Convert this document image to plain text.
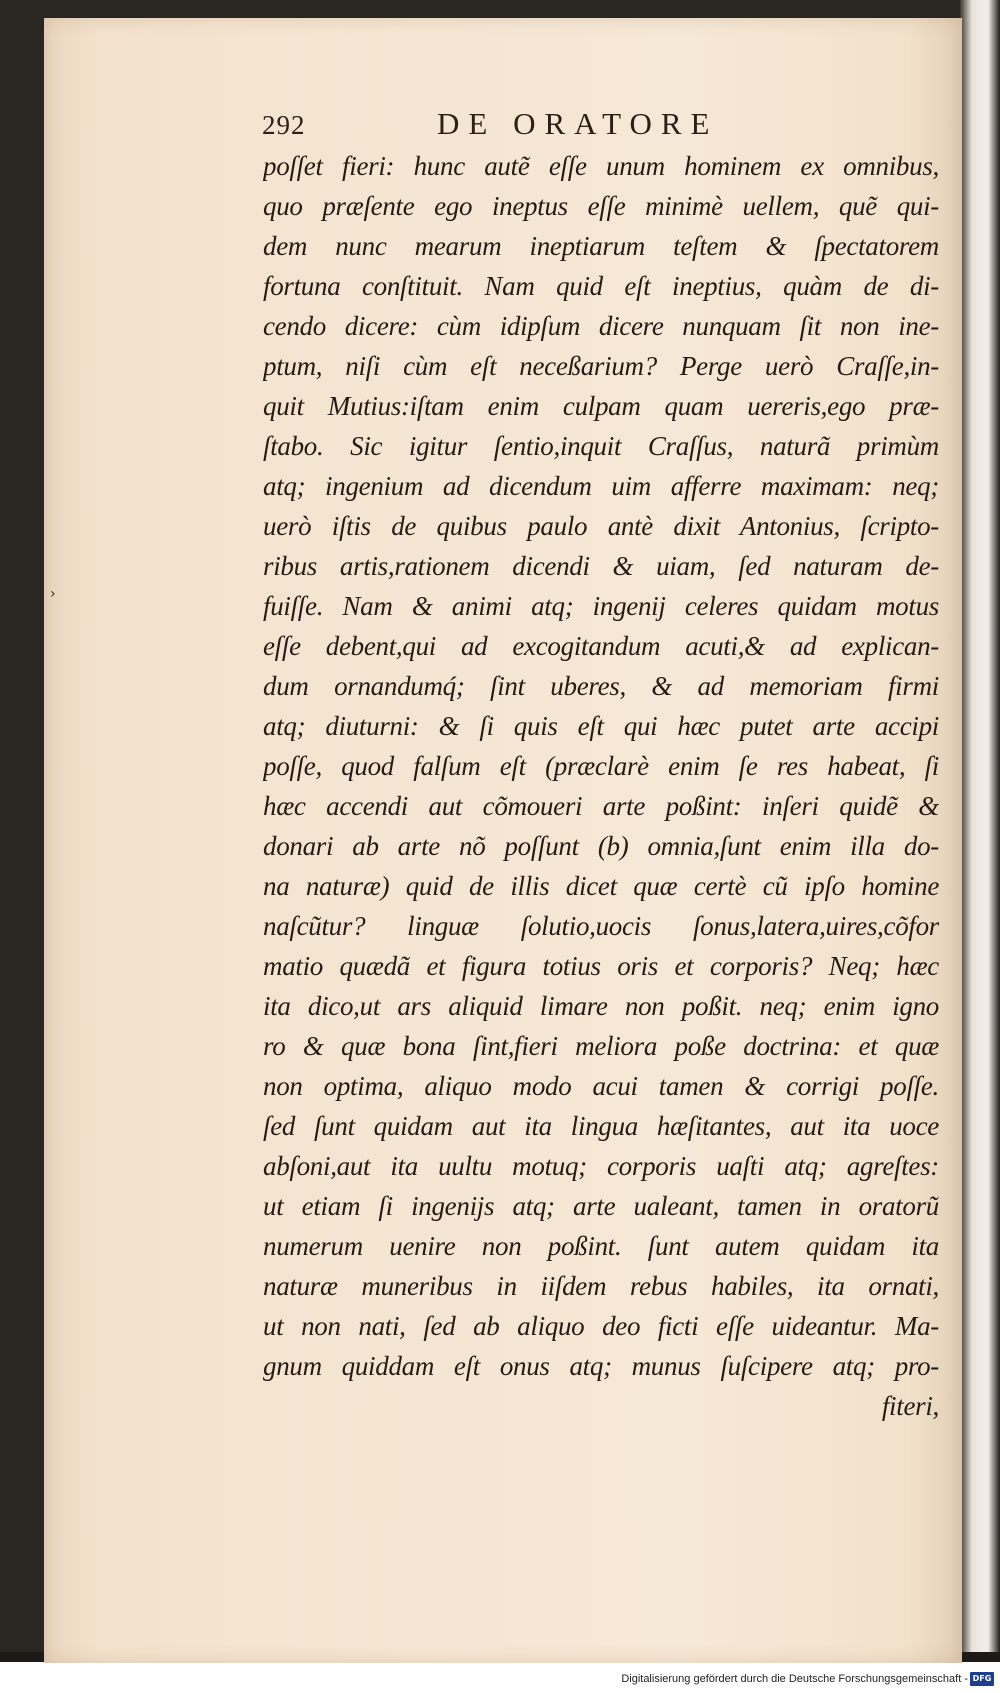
›
292	DE ORATORE
poſſet fieri: hunc autẽ eſſe unum hominem ex omnibus,
quo præſente ego ineptus eſſe minimè uellem, quẽ qui-
dem nunc mearum ineptiarum teſtem & ſpectatorem
fortuna conſtituit. Nam quid eſt ineptius, quàm de di-
cendo dicere: cùm idipſum dicere nunquam ſit non ine-
ptum, niſi cùm eſt neceßarium? Perge uerò Craſſe,in-
quit Mutius:iſtam enim culpam quam uereris,ego præ-
ſtabo. Sic igitur ſentio,inquit Craſſus, naturã primùm
atq; ingenium ad dicendum uim afferre maximam: neq;
uerò iſtis de quibus paulo antè dixit Antonius, ſcripto-
ribus artis,rationem dicendi & uiam, ſed naturam de-
fuiſſe. Nam & animi atq; ingenij celeres quidam motus
eſſe debent,qui ad excogitandum acuti,& ad explican-
dum ornandumq́; ſint uberes, & ad memoriam firmi
atq; diuturni: & ſi quis eſt qui hæc putet arte accipi
poſſe, quod falſum eſt (præclarè enim ſe res habeat, ſi
hæc accendi aut cõmoueri arte poßint: inſeri quidẽ &
donari ab arte nõ poſſunt (b) omnia,ſunt enim illa do-
na naturæ) quid de illis dicet quæ certè cũ ipſo homine
naſcũtur? linguæ ſolutio,uocis ſonus,latera,uires,cõfor
matio quædã et figura totius oris et corporis? Neq; hæc
ita dico,ut ars aliquid limare non poßit. neq; enim igno
ro & quæ bona ſint,fieri meliora poße doctrina: et quæ
non optima, aliquo modo acui tamen & corrigi poſſe.
ſed ſunt quidam aut ita lingua hæſitantes, aut ita uoce
abſoni,aut ita uultu motuq; corporis uaſti atq; agreſtes:
ut etiam ſi ingenijs atq; arte ualeant, tamen in oratorũ
numerum uenire non poßint. ſunt autem quidam ita
naturæ muneribus in iiſdem rebus habiles, ita ornati,
ut non nati, ſed ab aliquo deo ficti eſſe uideantur. Ma-
gnum quiddam eſt onus atq; munus ſuſcipere atq; pro-
fiteri,
Digitalisierung gefördert durch die Deutsche Forschungsgemeinschaft - DFG
